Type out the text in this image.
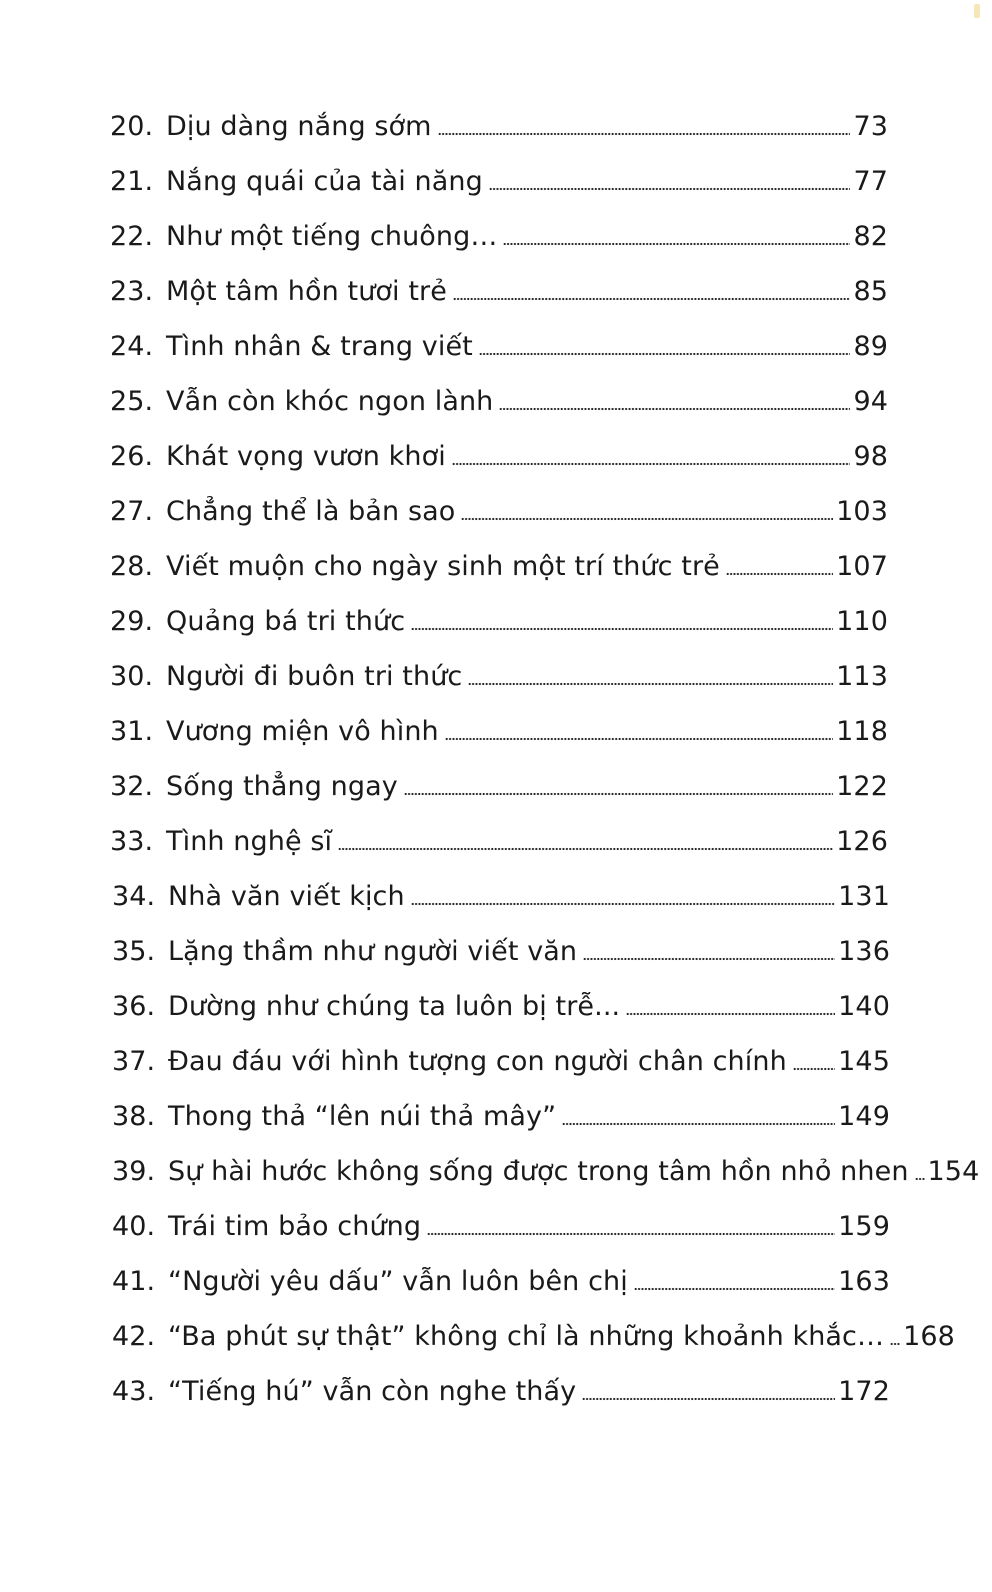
20. Dịu dàng nắng sớm	73
21. Nắng quái của tài năng	77
22. Như một tiếng chuông…	82
23. Một tâm hồn tươi trẻ	85
24. Tình nhân & trang viết	89
25. Vẫn còn khóc ngon lành	94
26. Khát vọng vươn khơi	98
27. Chẳng thể là bản sao	103
28. Viết muộn cho ngày sinh một trí thức trẻ	107
29. Quảng bá tri thức	110
30. Người đi buôn tri thức	113
31. Vương miện vô hình	118
32. Sống thẳng ngay	122
33. Tình nghệ sĩ	126
34. Nhà văn viết kịch	131
35. Lặng thầm như người viết văn	136
36. Dường như chúng ta luôn bị trễ...	140
37. Đau đáu với hình tượng con người chân chính 145
38. Thong thả “lên núi thả mây”	149
39. Sự hài hước không sống được trong tâm hồn nhỏ nhen 154
40. Trái tim bảo chứng	159
41. “Người yêu dấu” vẫn luôn bên chị	163
42. “Ba phút sự thật” không chỉ là những khoảnh khắc… 168
43. “Tiếng hú” vẫn còn nghe thấy	172
